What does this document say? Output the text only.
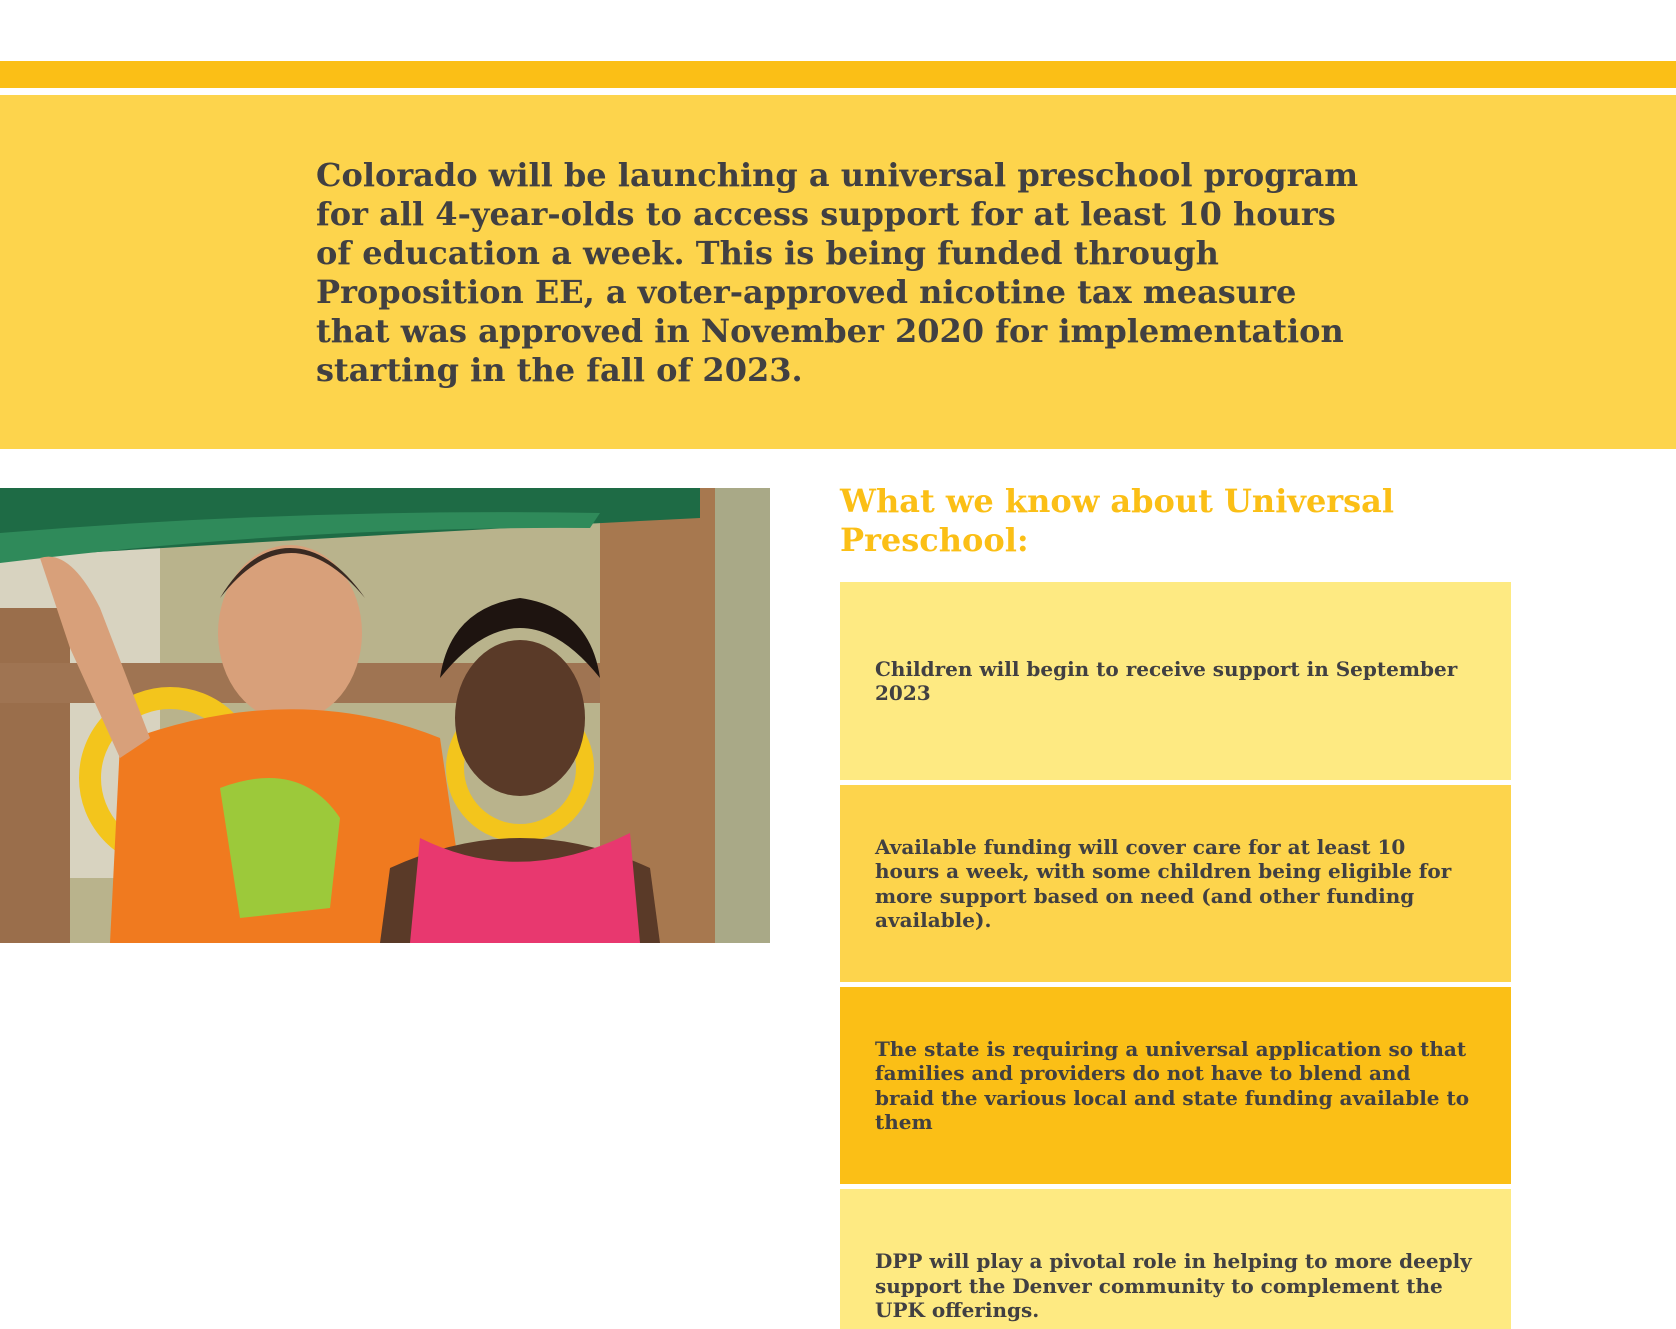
Colorado will be launching a universal preschool program for all 4-year-olds to access support for at least 10 hours of education a week. This is being funded through Proposition EE, a voter-approved nicotine tax measure that was approved in November 2020 for implementation starting in the fall of 2023.

What we know about Universal Preschool:

Children will begin to receive support in September 2023

Available funding will cover care for at least 10 hours a week, with some children being eligible for more support based on need (and other funding available).

The state is requiring a universal application so that families and providers do not have to blend and braid the various local and state funding available to them

DPP will play a pivotal role in helping to more deeply support the Denver community to complement the UPK offerings.
